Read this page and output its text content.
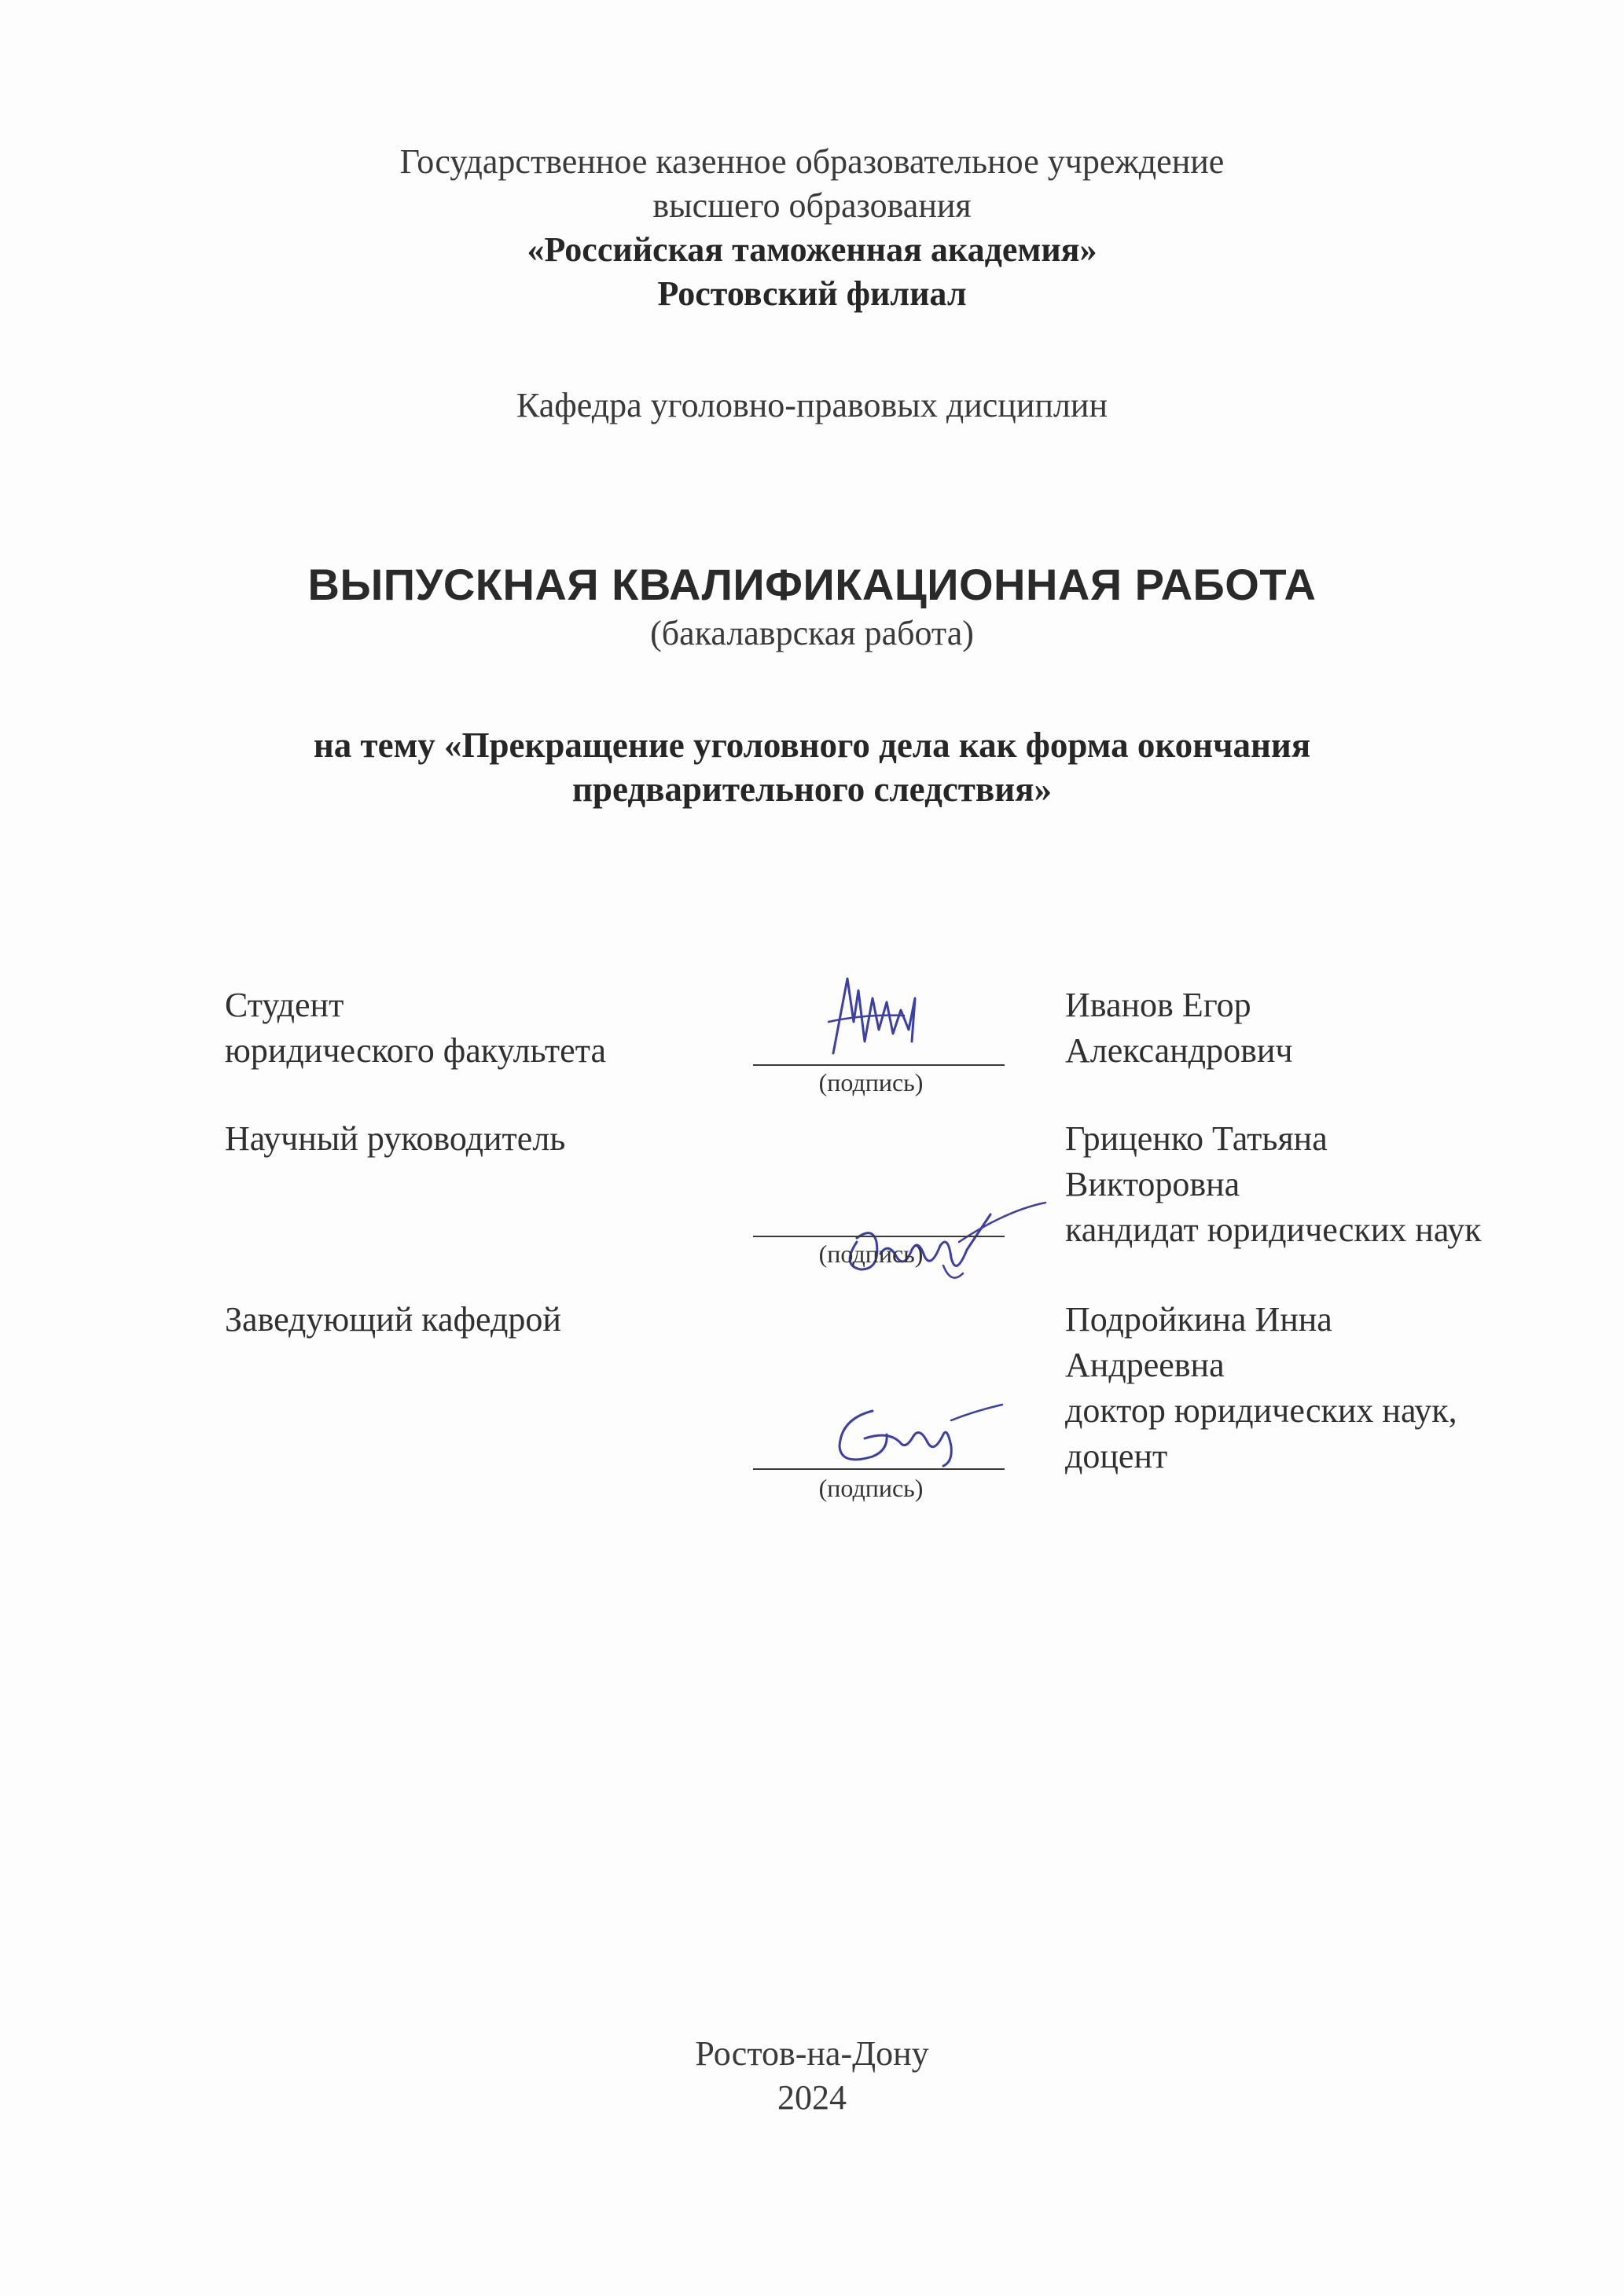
Государственное казенное образовательное учреждение
высшего образования
«Российская таможенная академия»
Ростовский филиал
Кафедра уголовно-правовых дисциплин
ВЫПУСКНАЯ КВАЛИФИКАЦИОННАЯ РАБОТА
(бакалаврская работа)
на тему «Прекращение уголовного дела как форма окончания
предварительного следствия»
Студент
юридического факультета
(подпись)
Иванов Егор
Александрович
Научный руководитель
(подпись)
Гриценко Татьяна
Викторовна
кандидат юридических наук
Заведующий кафедрой
(подпись)
Подройкина Инна
Андреевна
доктор юридических наук,
доцент
Ростов-на-Дону
2024
